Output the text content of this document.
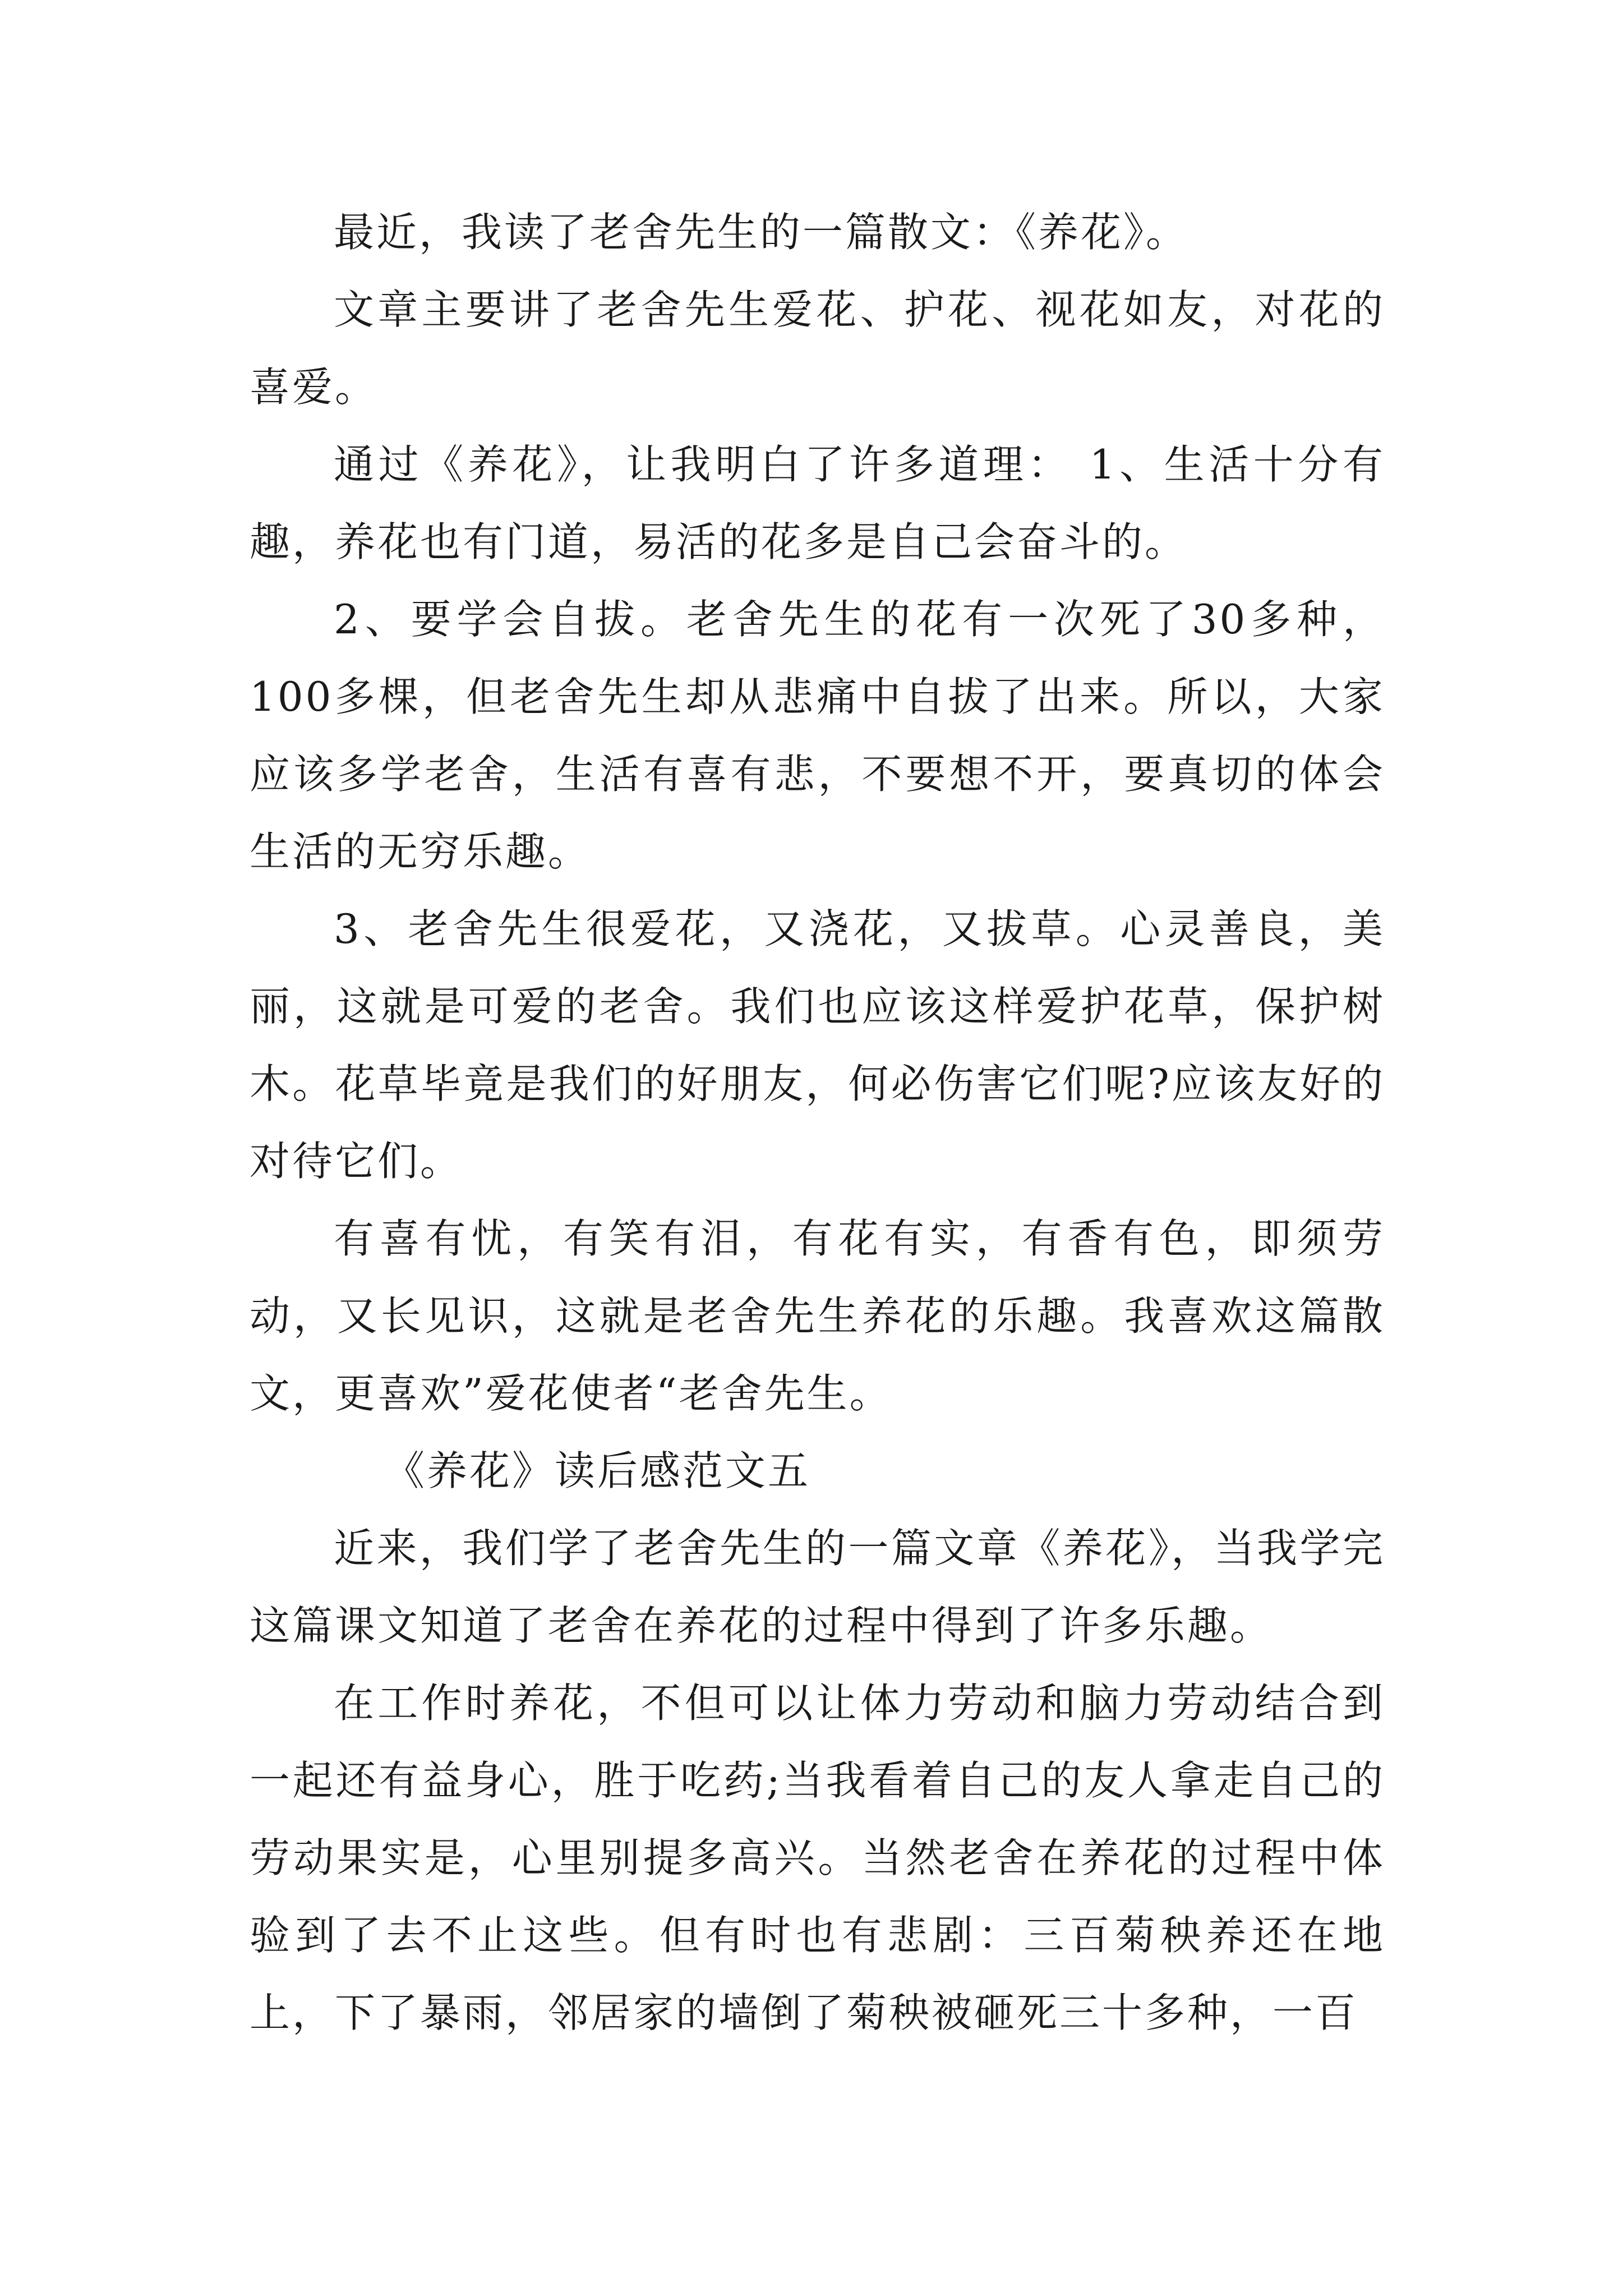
最近，我读了老舍先生的一篇散文：《养花》。

文章主要讲了老舍先生爱花、护花、视花如友，对花的喜爱。

通过《养花》，让我明白了许多道理： 1、生活十分有趣，养花也有门道，易活的花多是自己会奋斗的。

2、要学会自拔。老舍先生的花有一次死了30多种，100多棵，但老舍先生却从悲痛中自拔了出来。所以，大家应该多学老舍，生活有喜有悲，不要想不开，要真切的体会生活的无穷乐趣。

3、老舍先生很爱花，又浇花，又拔草。心灵善良，美丽，这就是可爱的老舍。我们也应该这样爱护花草，保护树木。花草毕竟是我们的好朋友，何必伤害它们呢?应该友好的对待它们。

有喜有忧，有笑有泪，有花有实，有香有色，即须劳动，又长见识，这就是老舍先生养花的乐趣。我喜欢这篇散文，更喜欢”爱花使者“老舍先生。

《养花》读后感范文五

近来，我们学了老舍先生的一篇文章《养花》，当我学完这篇课文知道了老舍在养花的过程中得到了许多乐趣。

在工作时养花，不但可以让体力劳动和脑力劳动结合到一起还有益身心，胜于吃药;当我看着自己的友人拿走自己的劳动果实是，心里别提多高兴。当然老舍在养花的过程中体验到了去不止这些。但有时也有悲剧：三百菊秧养还在地上，下了暴雨，邻居家的墙倒了菊秧被砸死三十多种，一百
